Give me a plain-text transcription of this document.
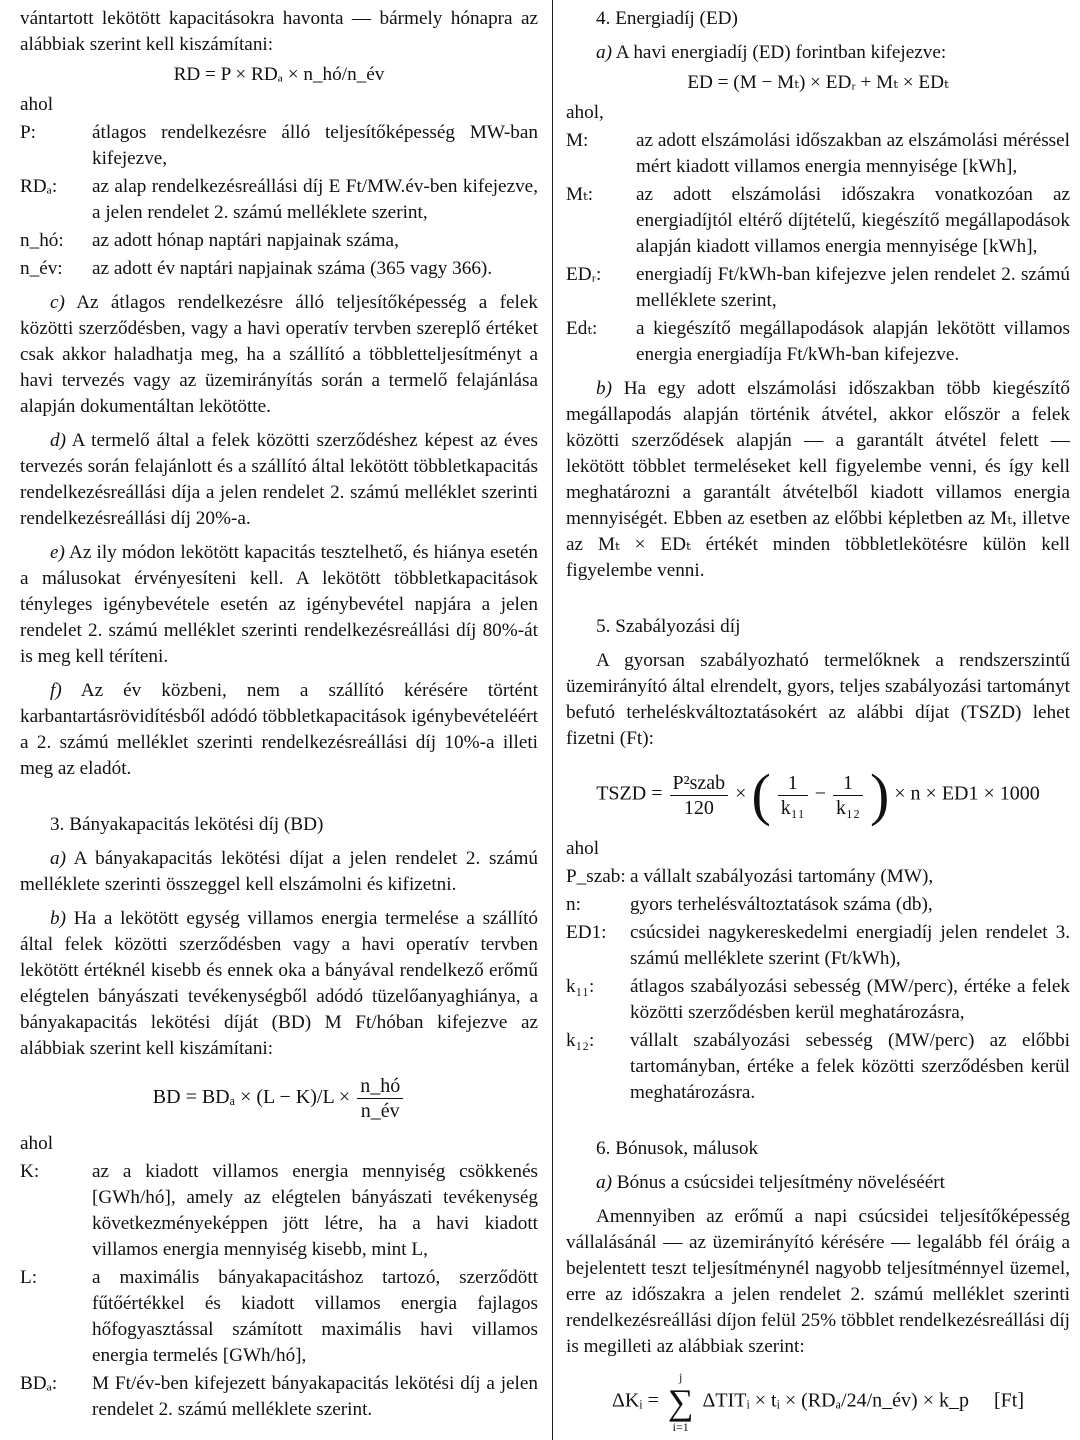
vántartott lekötött kapacitásokra havonta — bármely hónapra az alábbiak szerint kell kiszámítani:

RD = P × RDₐ × n_hó/n_év

ahol

P:	átlagos rendelkezésre álló teljesítőképesség MW-ban kifejezve,
RDₐ:	az alap rendelkezésreállási díj E Ft/MW.év-ben kifejezve, a jelen rendelet 2. számú melléklete szerint,
n_hó:	az adott hónap naptári napjainak száma,
n_év:	az adott év naptári napjainak száma (365 vagy 366).

c) Az átlagos rendelkezésre álló teljesítőképesség a felek közötti szerződésben, vagy a havi operatív tervben szereplő értéket csak akkor haladhatja meg, ha a szállító a többletteljesítményt a havi tervezés vagy az üzemirányítás során a termelő felajánlása alapján dokumentáltan lekötötte.

d) A termelő által a felek közötti szerződéshez képest az éves tervezés során felajánlott és a szállító által lekötött többletkapacitás rendelkezésreállási díja a jelen rendelet 2. számú melléklet szerinti rendelkezésreállási díj 20%-a.

e) Az ily módon lekötött kapacitás tesztelhető, és hiánya esetén a málusokat érvényesíteni kell. A lekötött többletkapacitások tényleges igénybevétele esetén az igénybevétel napjára a jelen rendelet 2. számú melléklet szerinti rendelkezésreállási díj 80%-át is meg kell téríteni.

f) Az év közbeni, nem a szállító kérésére történt karbantartásrövidítésből adódó többletkapacitások igénybevételéért a 2. számú melléklet szerinti rendelkezésreállási díj 10%-a illeti meg az eladót.

3. Bányakapacitás lekötési díj (BD)

a) A bányakapacitás lekötési díjat a jelen rendelet 2. számú melléklete szerinti összeggel kell elszámolni és kifizetni.

b) Ha a lekötött egység villamos energia termelése a szállító által felek közötti szerződésben vagy a havi operatív tervben lekötött értéknél kisebb és ennek oka a bányával rendelkező erőmű elégtelen bányászati tevékenységből adódó tüzelőanyaghiánya, a bányakapacitás lekötési díját (BD) M Ft/hóban kifejezve az alábbiak szerint kell kiszámítani:

BD = $BD_a \times (L - K)/L \times \frac{n\_hó}{n\_év}$

ahol

K:	az a kiadott villamos energia mennyiség csökkenés [GWh/hó], amely az elégtelen bányászati tevékenység következményeképpen jött létre, ha a havi kiadott villamos energia mennyiség kisebb, mint L,
L:	a maximális bányakapacitáshoz tartozó, szerződött fűtőértékkel és kiadott villamos energia fajlagos hőfogyasztással számított maximális havi villamos energia termelés [GWh/hó],
BDₐ:	M Ft/év-ben kifejezett bányakapacitás lekötési díj a jelen rendelet 2. számú melléklete szerint.

4. Energiadíj (ED)

a) A havi energiadíj (ED) forintban kifejezve:

ED = (M − Mₜ) × EDᵣ + Mₜ × EDₜ

ahol,

M:	az adott elszámolási időszakban az elszámolási méréssel mért kiadott villamos energia mennyisége [kWh],
Mₜ:	az adott elszámolási időszakra vonatkozóan az energiadíjtól eltérő díjtételű, kiegészítő megállapodások alapján kiadott villamos energia mennyisége [kWh],
EDᵣ:	energiadíj Ft/kWh-ban kifejezve jelen rendelet 2. számú melléklete szerint,
Edₜ:	a kiegészítő megállapodások alapján lekötött villamos energia energiadíja Ft/kWh-ban kifejezve.

b) Ha egy adott elszámolási időszakban több kiegészítő megállapodás alapján történik átvétel, akkor először a felek közötti szerződések alapján — a garantált átvétel felett — lekötött többlet termeléseket kell figyelembe venni, és így kell meghatározni a garantált átvételből kiadott villamos energia mennyiségét. Ebben az esetben az előbbi képletben az Mₜ, illetve az Mₜ × EDₜ értékét minden többletlekötésre külön kell figyelembe venni.

5. Szabályozási díj

A gyorsan szabályozható termelőknek a rendszerszintű üzemirányító által elrendelt, gyors, teljes szabályozási tartományt befutó terheléskváltoztatásokért az alábbi díjat (TSZD) lehet fizetni (Ft):

TSZD = $\frac{\text{P²szab}}{120}$ × ( $\frac{1}{\text{k₁₁}} - \frac{1}{\text{k₁₂}}$ ) × n × ED1 × 1000

ahol

P_szab: a vállalt szabályozási tartomány (MW),
n:	gyors terhelésváltoztatások száma (db),
ED1:	csúcsidei nagykereskedelmi energiadíj jelen rendelet 3. számú melléklete szerint (Ft/kWh),
k₁₁:	átlagos szabályozási sebesség (MW/perc), értéke a felek közötti szerződésben kerül meghatározásra,
k₁₂:	vállalt szabályozási sebesség (MW/perc) az előbbi tartományban, értéke a felek közötti szerződésben kerül meghatározásra.

6. Bónusok, málusok

a) Bónus a csúcsidei teljesítmény növeléséért

Amennyiben az erőmű a napi csúcsidei teljesítőképesség vállalásánál — az üzemirányító kérésére — legalább fél óráig a bejelentett teszt teljesítménynél nagyobb teljesítménnyel üzemel, erre az időszakra a jelen rendelet 2. számú melléklet szerinti rendelkezésreállási díjon felül 25% többlet rendelkezésreállási díj is megilleti az alábbiak szerint:

ΔKᵢ =
j
∑
i=1
ΔTITᵢ × tᵢ × (RDₐ/24/n_év) × k_p [Ft]
